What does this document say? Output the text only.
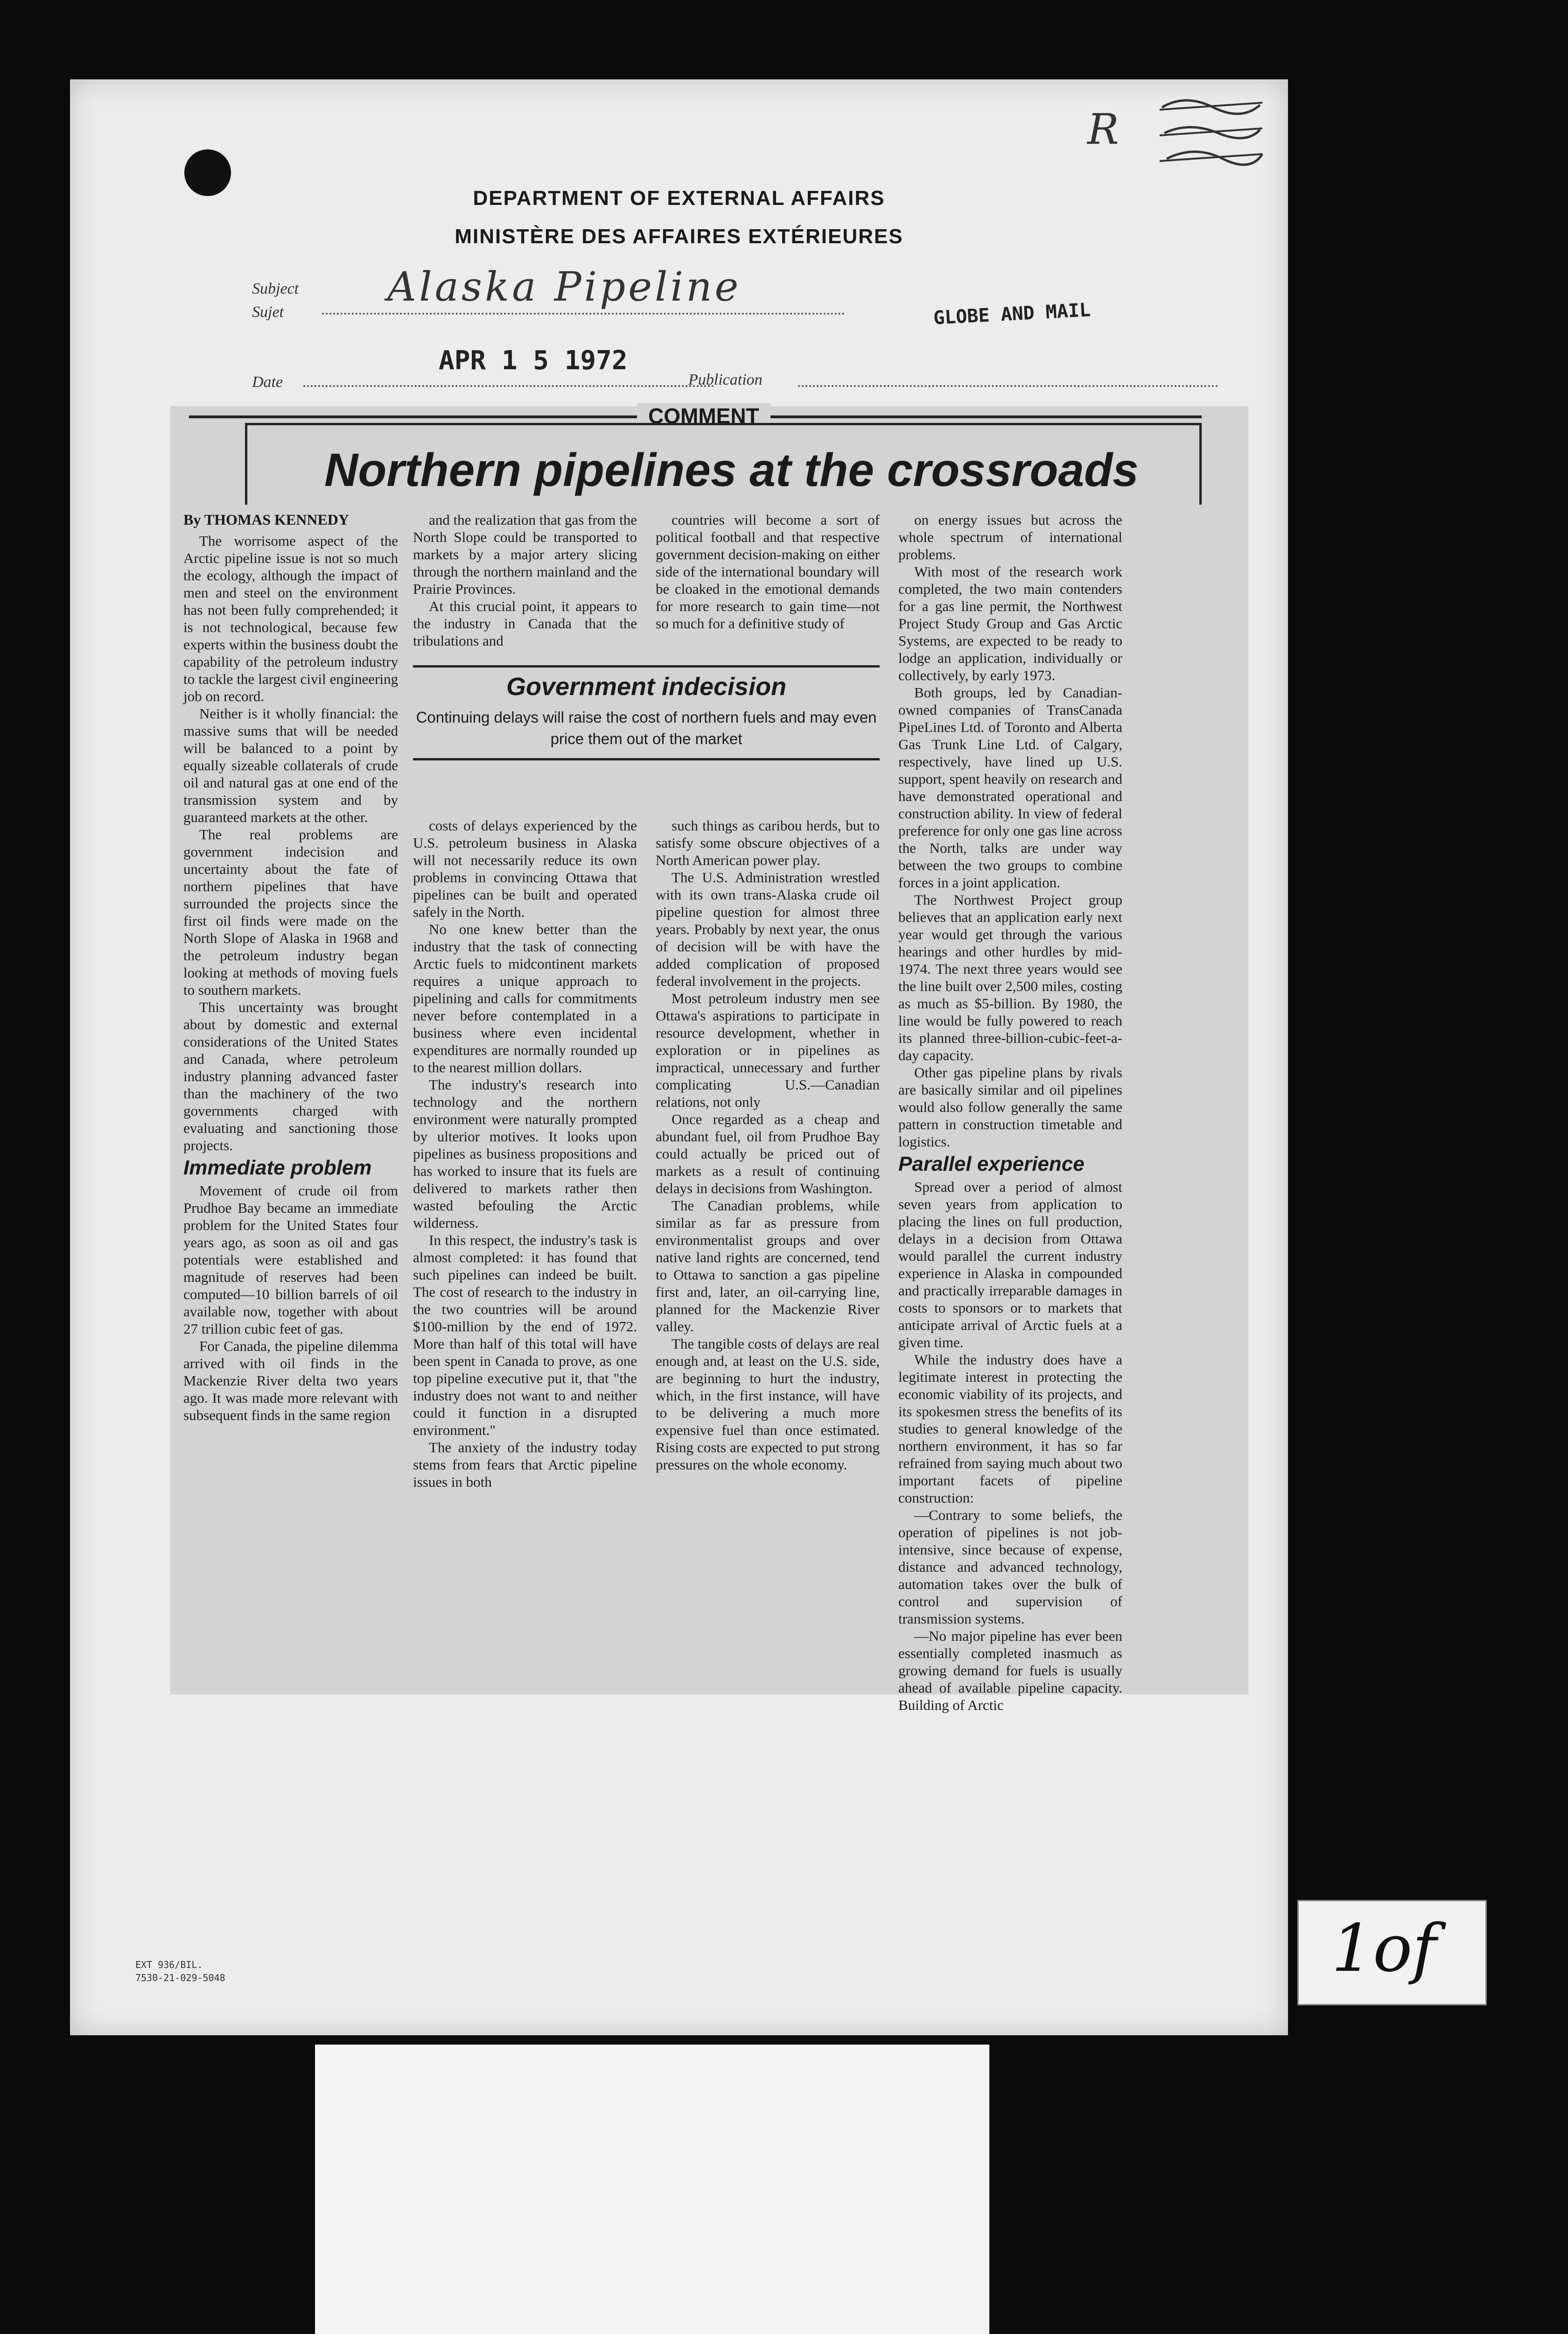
DEPARTMENT OF EXTERNAL AFFAIRS
MINISTÈRE DES AFFAIRES EXTÉRIEURES
R
Subject
Sujet
Alaska Pipeline
GLOBE AND MAIL
Date
APR 1 5 1972
Publication
EXT 936/BIL.
7530-21-029-5048
COMMENT
Northern pipelines at the crossroads
By THOMAS KENNEDY

The worrisome aspect of the Arctic pipeline issue is not so much the ecology, although the impact of men and steel on the environment has not been fully comprehended; it is not technological, because few experts within the business doubt the capability of the petroleum industry to tackle the largest civil engineering job on record.

Neither is it wholly financial: the massive sums that will be needed will be balanced to a point by equally sizeable collaterals of crude oil and natural gas at one end of the transmission system and by guaranteed markets at the other.

The real problems are government indecision and uncertainty about the fate of northern pipelines that have surrounded the projects since the first oil finds were made on the North Slope of Alaska in 1968 and the petroleum industry began looking at methods of moving fuels to southern markets.

This uncertainty was brought about by domestic and external considerations of the United States and Canada, where petroleum industry planning advanced faster than the machinery of the two governments charged with evaluating and sanctioning those projects.

Immediate problem

Movement of crude oil from Prudhoe Bay became an immediate problem for the United States four years ago, as soon as oil and gas potentials were established and magnitude of reserves had been computed—10 billion barrels of oil available now, together with about 27 trillion cubic feet of gas.

For Canada, the pipeline dilemma arrived with oil finds in the Mackenzie River delta two years ago. It was made more relevant with subsequent finds in the same region

and the realization that gas from the North Slope could be transported to markets by a major artery slicing through the northern mainland and the Prairie Provinces.

At this crucial point, it appears to the industry in Canada that the tribulations and

countries will become a sort of political football and that respective government decision-making on either side of the international boundary will be cloaked in the emotional demands for more research to gain time—not so much for a definitive study of

Government indecision
Continuing delays will raise the cost of northern fuels and may even price them out of the market

costs of delays experienced by the U.S. petroleum business in Alaska will not necessarily reduce its own problems in convincing Ottawa that pipelines can be built and operated safely in the North.

No one knew better than the industry that the task of connecting Arctic fuels to midcontinent markets requires a unique approach to pipelining and calls for commitments never before contemplated in a business where even incidental expenditures are normally rounded up to the nearest million dollars.

The industry's research into technology and the northern environment were naturally prompted by ulterior motives. It looks upon pipelines as business propositions and has worked to insure that its fuels are delivered to markets rather then wasted befouling the Arctic wilderness.

In this respect, the industry's task is almost completed: it has found that such pipelines can indeed be built. The cost of research to the industry in the two countries will be around $100-million by the end of 1972. More than half of this total will have been spent in Canada to prove, as one top pipeline executive put it, that "the industry does not want to and neither could it function in a disrupted environment."

The anxiety of the industry today stems from fears that Arctic pipeline issues in both

such things as caribou herds, but to satisfy some obscure objectives of a North American power play.

The U.S. Administration wrestled with its own trans-Alaska crude oil pipeline question for almost three years. Probably by next year, the onus of decision will be with have the added complication of proposed federal involvement in the projects.

Most petroleum industry men see Ottawa's aspirations to participate in resource development, whether in exploration or in pipelines as impractical, unnecessary and further complicating U.S.—Canadian relations, not only

Once regarded as a cheap and abundant fuel, oil from Prudhoe Bay could actually be priced out of markets as a result of continuing delays in decisions from Washington.

The Canadian problems, while similar as far as pressure from environmentalist groups and over native land rights are concerned, tend to Ottawa to sanction a gas pipeline first and, later, an oil-carrying line, planned for the Mackenzie River valley.

The tangible costs of delays are real enough and, at least on the U.S. side, are beginning to hurt the industry, which, in the first instance, will have to be delivering a much more expensive fuel than once estimated. Rising costs are expected to put strong pressures on the whole economy.

on energy issues but across the whole spectrum of international problems.

With most of the research work completed, the two main contenders for a gas line permit, the Northwest Project Study Group and Gas Arctic Systems, are expected to be ready to lodge an application, individually or collectively, by early 1973.

Both groups, led by Canadian-owned companies of TransCanada PipeLines Ltd. of Toronto and Alberta Gas Trunk Line Ltd. of Calgary, respectively, have lined up U.S. support, spent heavily on research and have demonstrated operational and construction ability. In view of federal preference for only one gas line across the North, talks are under way between the two groups to combine forces in a joint application.

The Northwest Project group believes that an application early next year would get through the various hearings and other hurdles by mid-1974. The next three years would see the line built over 2,500 miles, costing as much as $5-billion. By 1980, the line would be fully powered to reach its planned three-billion-cubic-feet-a-day capacity.

Other gas pipeline plans by rivals are basically similar and oil pipelines would also follow generally the same pattern in construction timetable and logistics.

Parallel experience

Spread over a period of almost seven years from application to placing the lines on full production, delays in a decision from Ottawa would parallel the current industry experience in Alaska in compounded and practically irreparable damages in costs to sponsors or to markets that anticipate arrival of Arctic fuels at a given time.

While the industry does have a legitimate interest in protecting the economic viability of its projects, and its spokesmen stress the benefits of its studies to general knowledge of the northern environment, it has so far refrained from saying much about two important facets of pipeline construction:

—Contrary to some beliefs, the operation of pipelines is not job-intensive, since because of expense, distance and advanced technology, automation takes over the bulk of control and supervision of transmission systems.

—No major pipeline has ever been essentially completed inasmuch as growing demand for fuels is usually ahead of available pipeline capacity. Building of Arctic

1of
